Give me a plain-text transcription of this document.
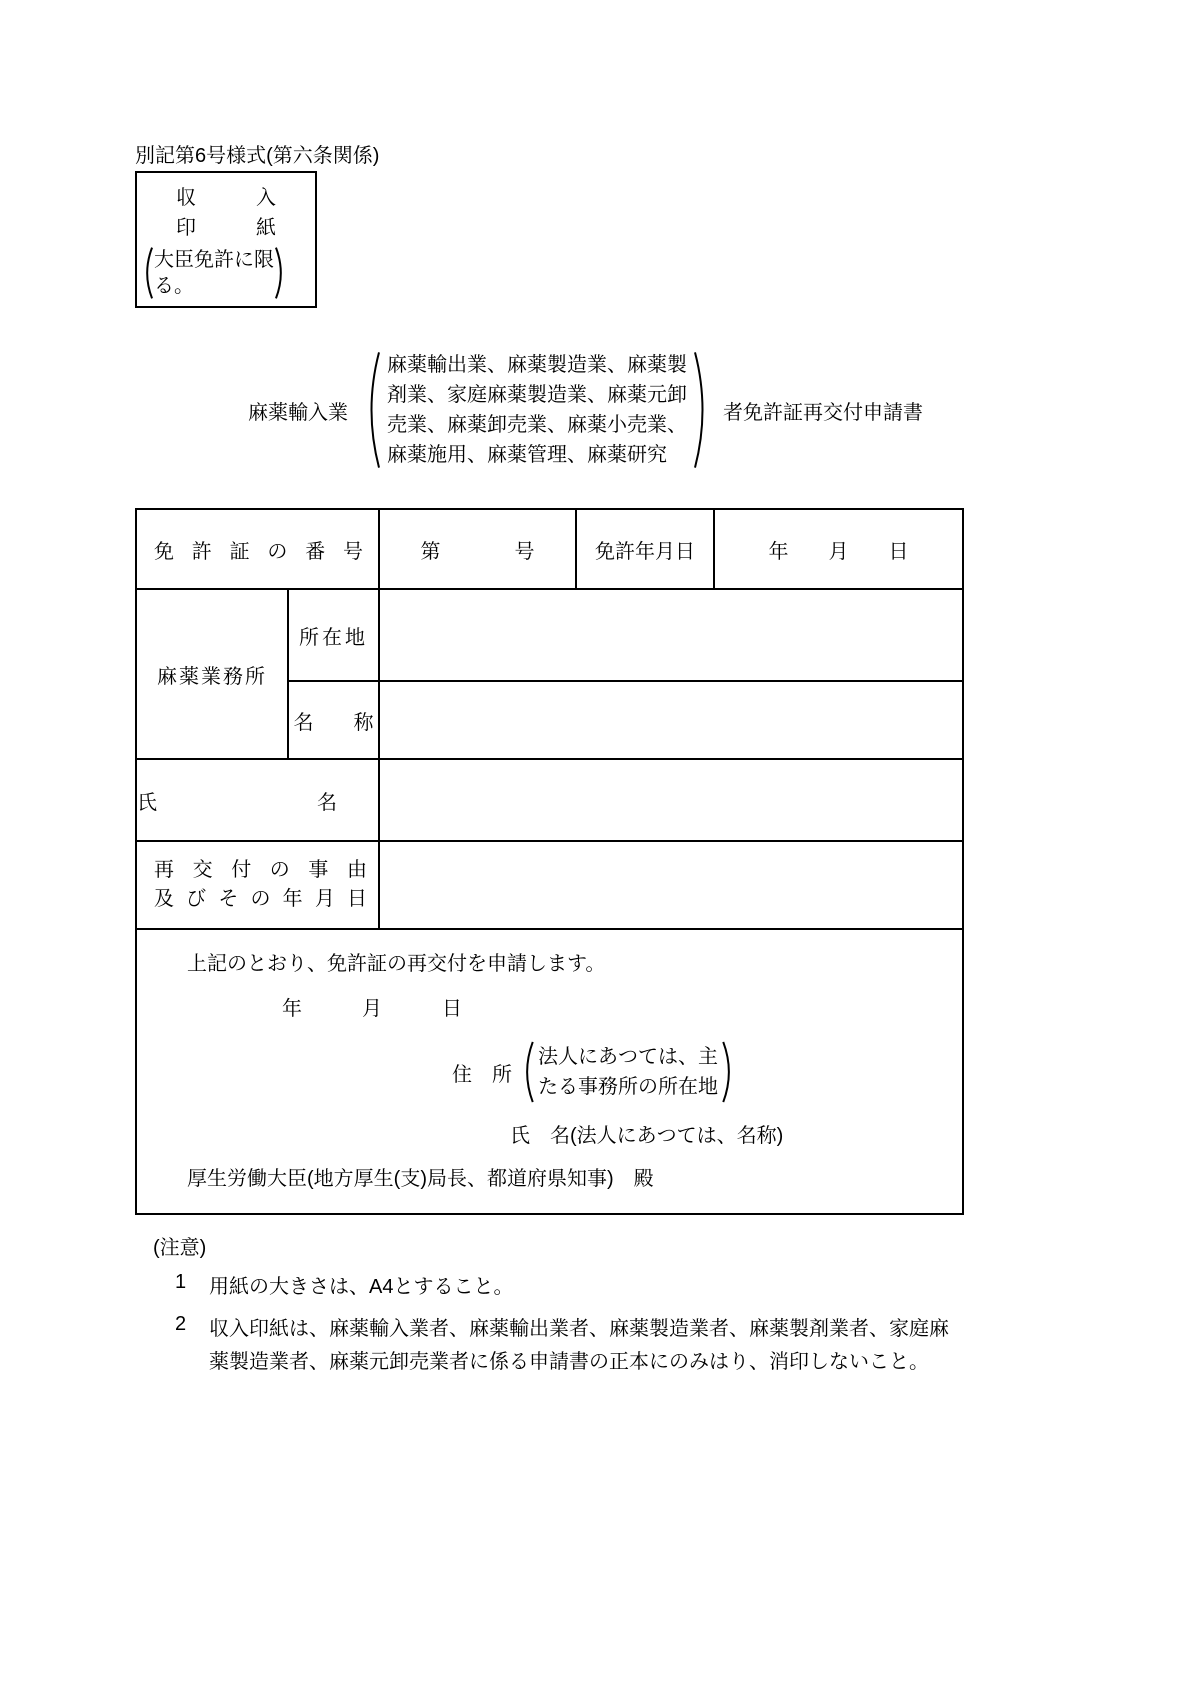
別記第6号様式(第六条関係)
収　　　入
印　　　紙
大臣免許に限
る。
麻薬輸入業
麻薬輸出業、麻薬製造業、麻薬製
剤業、家庭麻薬製造業、麻薬元卸
売業、麻薬卸売業、麻薬小売業、
麻薬施用、麻薬管理、麻薬研究
者免許証再交付申請書
免許証の番号		第 号	免許年月日	年　　月　　日
麻薬業務所	所在地			
	名　　称			
氏　　　　　　　　名				

再交付の事由
及びその年月日				

上記のとおり、免許証の再交付を申請します。
年　　　月　　　日
住　所
法人にあつては、主
たる事務所の所在地
氏　名(法人にあつては、名称)
厚生労働大臣(地方厚生(支)局長、都道府県知事)　殿
(注意)
1	用紙の大きさは、A4とすること。
2	収入印紙は、麻薬輸入業者、麻薬輸出業者、麻薬製造業者、麻薬製剤業者、家庭麻薬製造業者、麻薬元卸売業者に係る申請書の正本にのみはり、消印しないこと。
